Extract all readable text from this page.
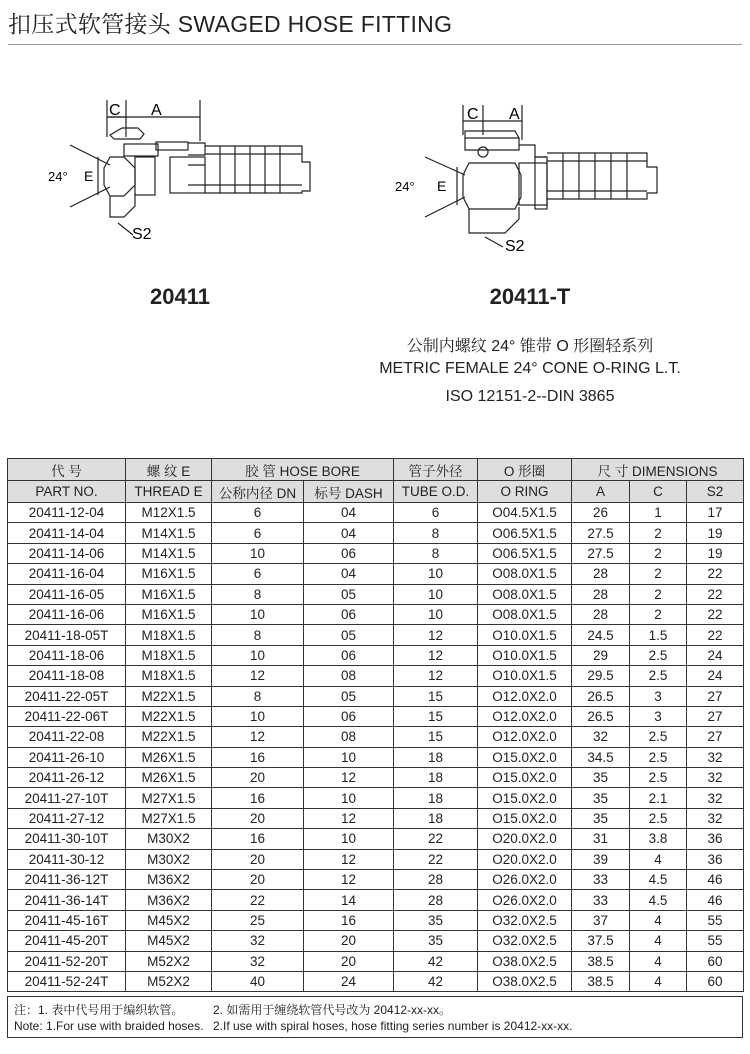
扣压式软管接头 SWAGED HOSE FITTING
C A
24° E
S2
20411
C A
24° E
S2
20411-T
公制内螺纹 24° 锥带 O 形圈轻系列
METRIC FEMALE 24° CONE O-RING L.T.
ISO 12151-2--DIN 3865
代 号	螺 纹 E	胶 管 HOSE BORE		管子外径	O 形圈	尺 寸 DIMENSIONS		
PART NO.	THREAD E	公称内径 DN	标号 DASH	TUBE O.D.	O RING	A	C	S2
20411-12-04	M12X1.5	6	04	6	O04.5X1.5	26	1	17
20411-14-04	M14X1.5	6	04	8	O06.5X1.5	27.5	2	19
20411-14-06	M14X1.5	10	06	8	O06.5X1.5	27.5	2	19
20411-16-04	M16X1.5	6	04	10	O08.0X1.5	28	2	22
20411-16-05	M16X1.5	8	05	10	O08.0X1.5	28	2	22
20411-16-06	M16X1.5	10	06	10	O08.0X1.5	28	2	22
20411-18-05T	M18X1.5	8	05	12	O10.0X1.5	24.5	1.5	22
20411-18-06	M18X1.5	10	06	12	O10.0X1.5	29	2.5	24
20411-18-08	M18X1.5	12	08	12	O10.0X1.5	29.5	2.5	24
20411-22-05T	M22X1.5	8	05	15	O12.0X2.0	26.5	3	27
20411-22-06T	M22X1.5	10	06	15	O12.0X2.0	26.5	3	27
20411-22-08	M22X1.5	12	08	15	O12.0X2.0	32	2.5	27
20411-26-10	M26X1.5	16	10	18	O15.0X2.0	34.5	2.5	32
20411-26-12	M26X1.5	20	12	18	O15.0X2.0	35	2.5	32
20411-27-10T	M27X1.5	16	10	18	O15.0X2.0	35	2.1	32
20411-27-12	M27X1.5	20	12	18	O15.0X2.0	35	2.5	32
20411-30-10T	M30X2	16	10	22	O20.0X2.0	31	3.8	36
20411-30-12	M30X2	20	12	22	O20.0X2.0	39	4	36
20411-36-12T	M36X2	20	12	28	O26.0X2.0	33	4.5	46
20411-36-14T	M36X2	22	14	28	O26.0X2.0	33	4.5	46
20411-45-16T	M45X2	25	16	35	O32.0X2.5	37	4	55
20411-45-20T	M45X2	32	20	35	O32.0X2.5	37.5	4	55
20411-52-20T	M52X2	32	20	42	O38.0X2.5	38.5	4	60
20411-52-24T	M52X2	40	24	42	O38.0X2.5	38.5	4	60
注：1. 表中代号用于编织软管。 2. 如需用于缠绕软管代号改为 20412-xx-xx。
Note: 1.For use with braided hoses. 2.If use with spiral hoses, hose fitting series number is 20412-xx-xx.
